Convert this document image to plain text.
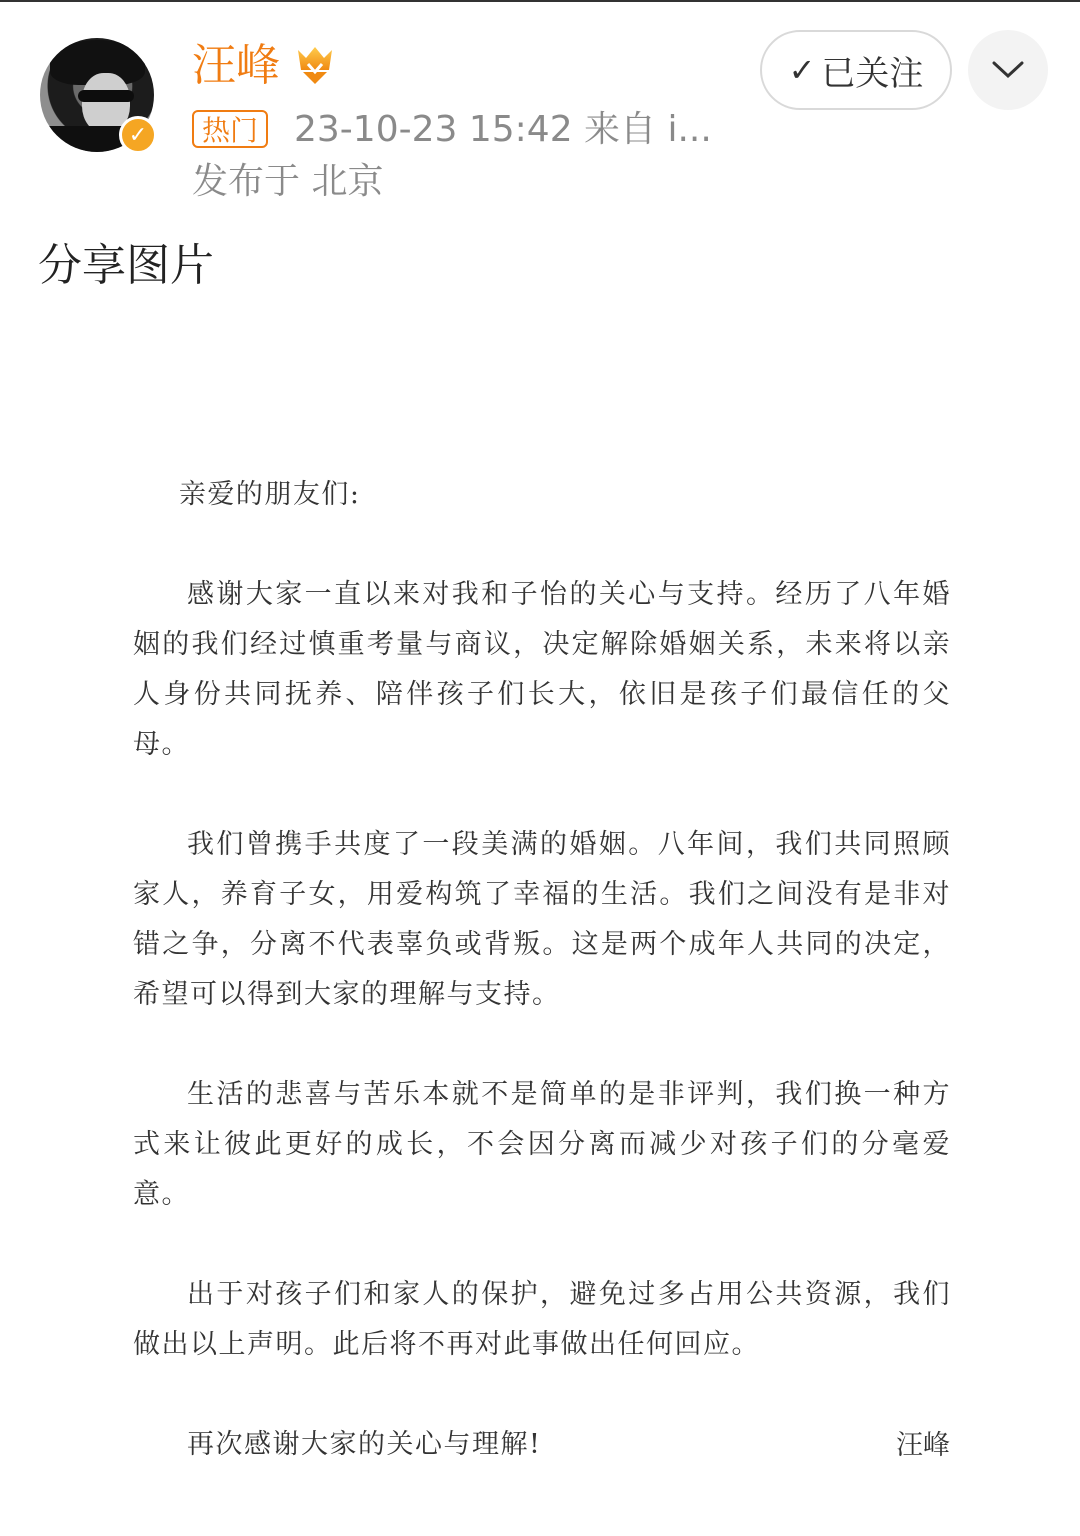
✓
汪峰
热门 23-10-23 15:42 来自 i...
发布于 北京
✓ 已关注
分享图片

亲爱的朋友们:

感谢大家一直以来对我和子怡的关心与支持。经历了八年婚姻的我们经过慎重考量与商议，决定解除婚姻关系，未来将以亲人身份共同抚养、陪伴孩子们长大，依旧是孩子们最信任的父母。

我们曾携手共度了一段美满的婚姻。八年间，我们共同照顾家人，养育子女，用爱构筑了幸福的生活。我们之间没有是非对错之争，分离不代表辜负或背叛。这是两个成年人共同的决定，希望可以得到大家的理解与支持。

生活的悲喜与苦乐本就不是简单的是非评判，我们换一种方式来让彼此更好的成长，不会因分离而减少对孩子们的分毫爱意。

出于对孩子们和家人的保护，避免过多占用公共资源，我们做出以上声明。此后将不再对此事做出任何回应。

再次感谢大家的关心与理解!	汪峰
